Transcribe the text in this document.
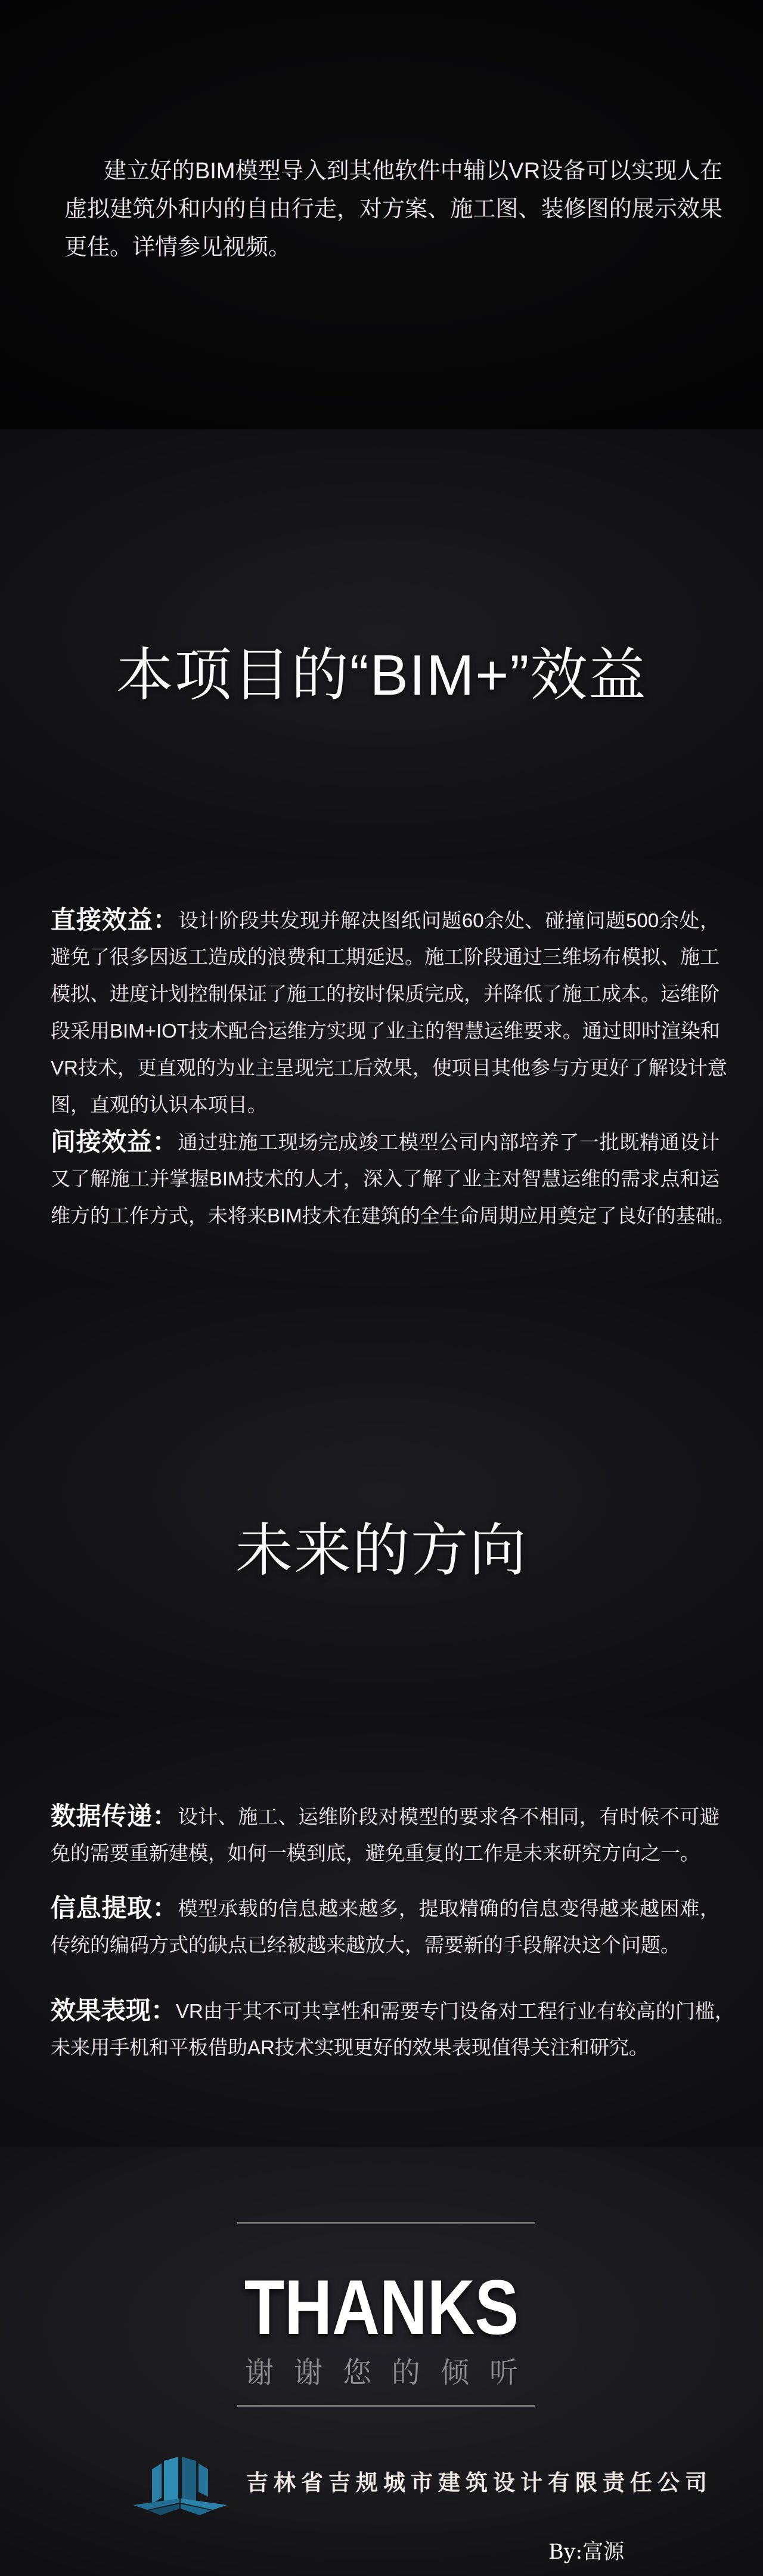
建立好的BIM模型导入到其他软件中辅以VR设备可以实现人在
虚拟建筑外和内的自由行走，对方案、施工图、装修图的展示效果
更佳。详情参见视频。
本项目的“BIM+”效益
直接效益：设计阶段共发现并解决图纸问题60余处、碰撞问题500余处，
避免了很多因返工造成的浪费和工期延迟。施工阶段通过三维场布模拟、施工
模拟、进度计划控制保证了施工的按时保质完成，并降低了施工成本。运维阶
段采用BIM+IOT技术配合运维方实现了业主的智慧运维要求。通过即时渲染和
VR技术，更直观的为业主呈现完工后效果，使项目其他参与方更好了解设计意
图，直观的认识本项目。
间接效益：通过驻施工现场完成竣工模型公司内部培养了一批既精通设计
又了解施工并掌握BIM技术的人才，深入了解了业主对智慧运维的需求点和运
维方的工作方式，未将来BIM技术在建筑的全生命周期应用奠定了良好的基础。
未来的方向
数据传递：设计、施工、运维阶段对模型的要求各不相同，有时候不可避
免的需要重新建模，如何一模到底，避免重复的工作是未来研究方向之一。
信息提取：模型承载的信息越来越多，提取精确的信息变得越来越困难，
传统的编码方式的缺点已经被越来越放大，需要新的手段解决这个问题。
效果表现：VR由于其不可共享性和需要专门设备对工程行业有较高的门槛，
未来用手机和平板借助AR技术实现更好的效果表现值得关注和研究。
THANKS
谢谢您的倾听
吉林省吉规城市建筑设计有限责任公司
By:富源
